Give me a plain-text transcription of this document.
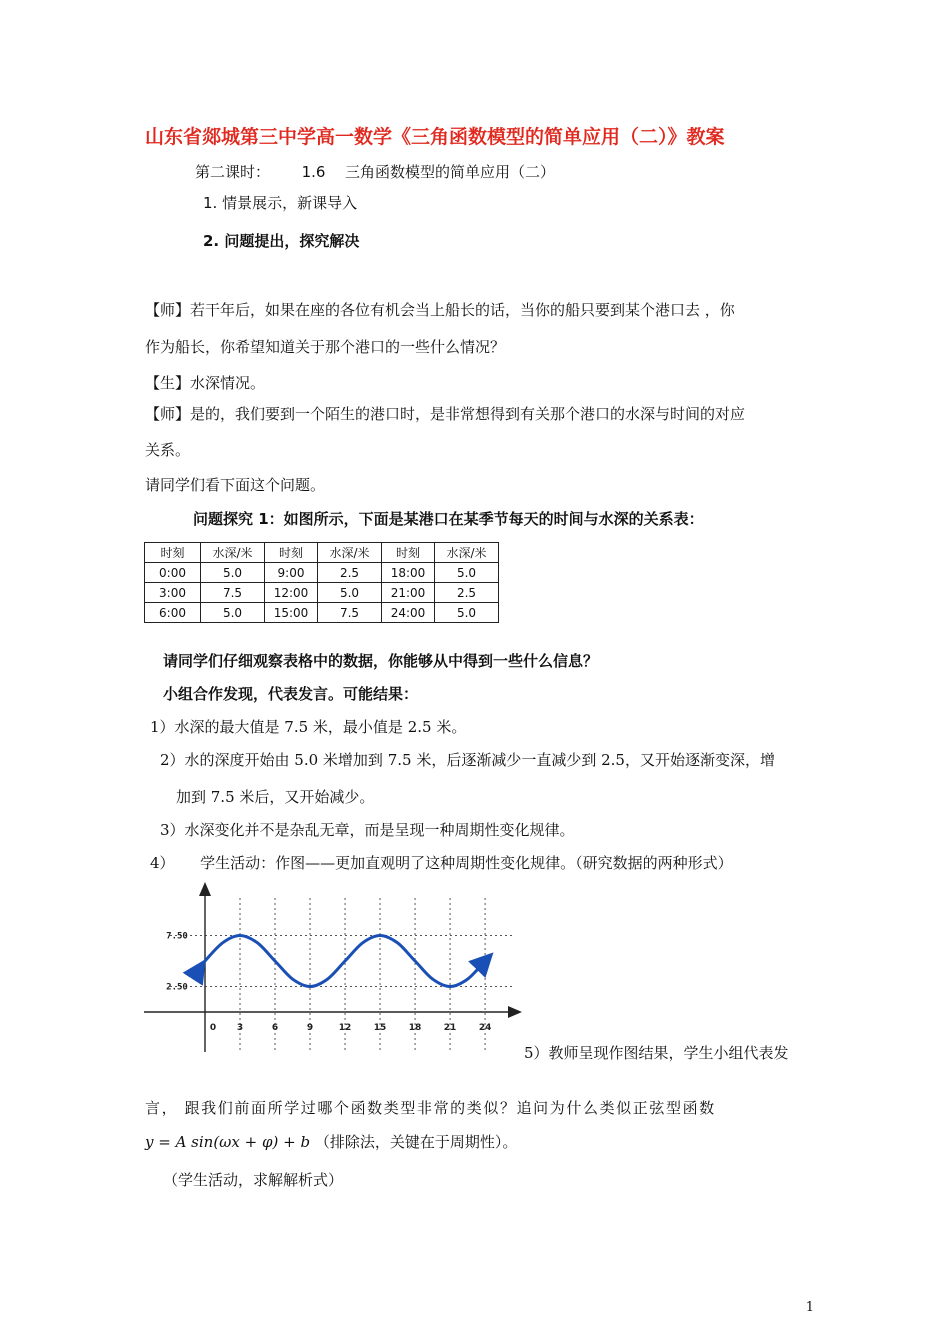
山东省郯城第三中学高一数学《三角函数模型的简单应用（二）》教案
第二课时： 1.6 三角函数模型的简单应用（二）
1. 情景展示，新课导入
2. 问题提出，探究解决
【师】若干年后，如果在座的各位有机会当上船长的话，当你的船只要到某个港口去 ，你
作为船长，你希望知道关于那个港口的一些什么情况？
【生】水深情况。
【师】是的，我们要到一个陌生的港口时，是非常想得到有关那个港口的水深与时间的对应
关系。
请同学们看下面这个问题。
问题探究 1：如图所示，下面是某港口在某季节每天的时间与水深的关系表：
时刻	水深/米	时刻	水深/米	时刻	水深/米
0:00	5.0	9:00	2.5	18:00	5.0
3:00	7.5	12:00	5.0	21:00	2.5
6:00	5.0	15:00	7.5	24:00	5.0
请同学们仔细观察表格中的数据，你能够从中得到一些什么信息？
小组合作发现，代表发言。可能结果：
1）水深的最大值是 7.5 米，最小值是 2.5 米。
2）水的深度开始由 5.0 米增加到 7.5 米，后逐渐减少一直减少到 2.5，又开始逐渐变深，增
加到 7.5 米后，又开始减少。
3）水深变化并不是杂乱无章，而是呈现一种周期性变化规律。
4） 学生活动：作图——更加直观明了这种周期性变化规律。（研究数据的两种形式）
0 3	6	9	12 15 18 21 24
7.50
2.50
5）教师呈现作图结果，学生小组代表发
言， 跟我们前面所学过哪个函数类型非常的类似？追问为什么类似正弦型函数
y = A sin(ωx + φ) + b （排除法，关键在于周期性）。
（学生活动，求解解析式）
1
